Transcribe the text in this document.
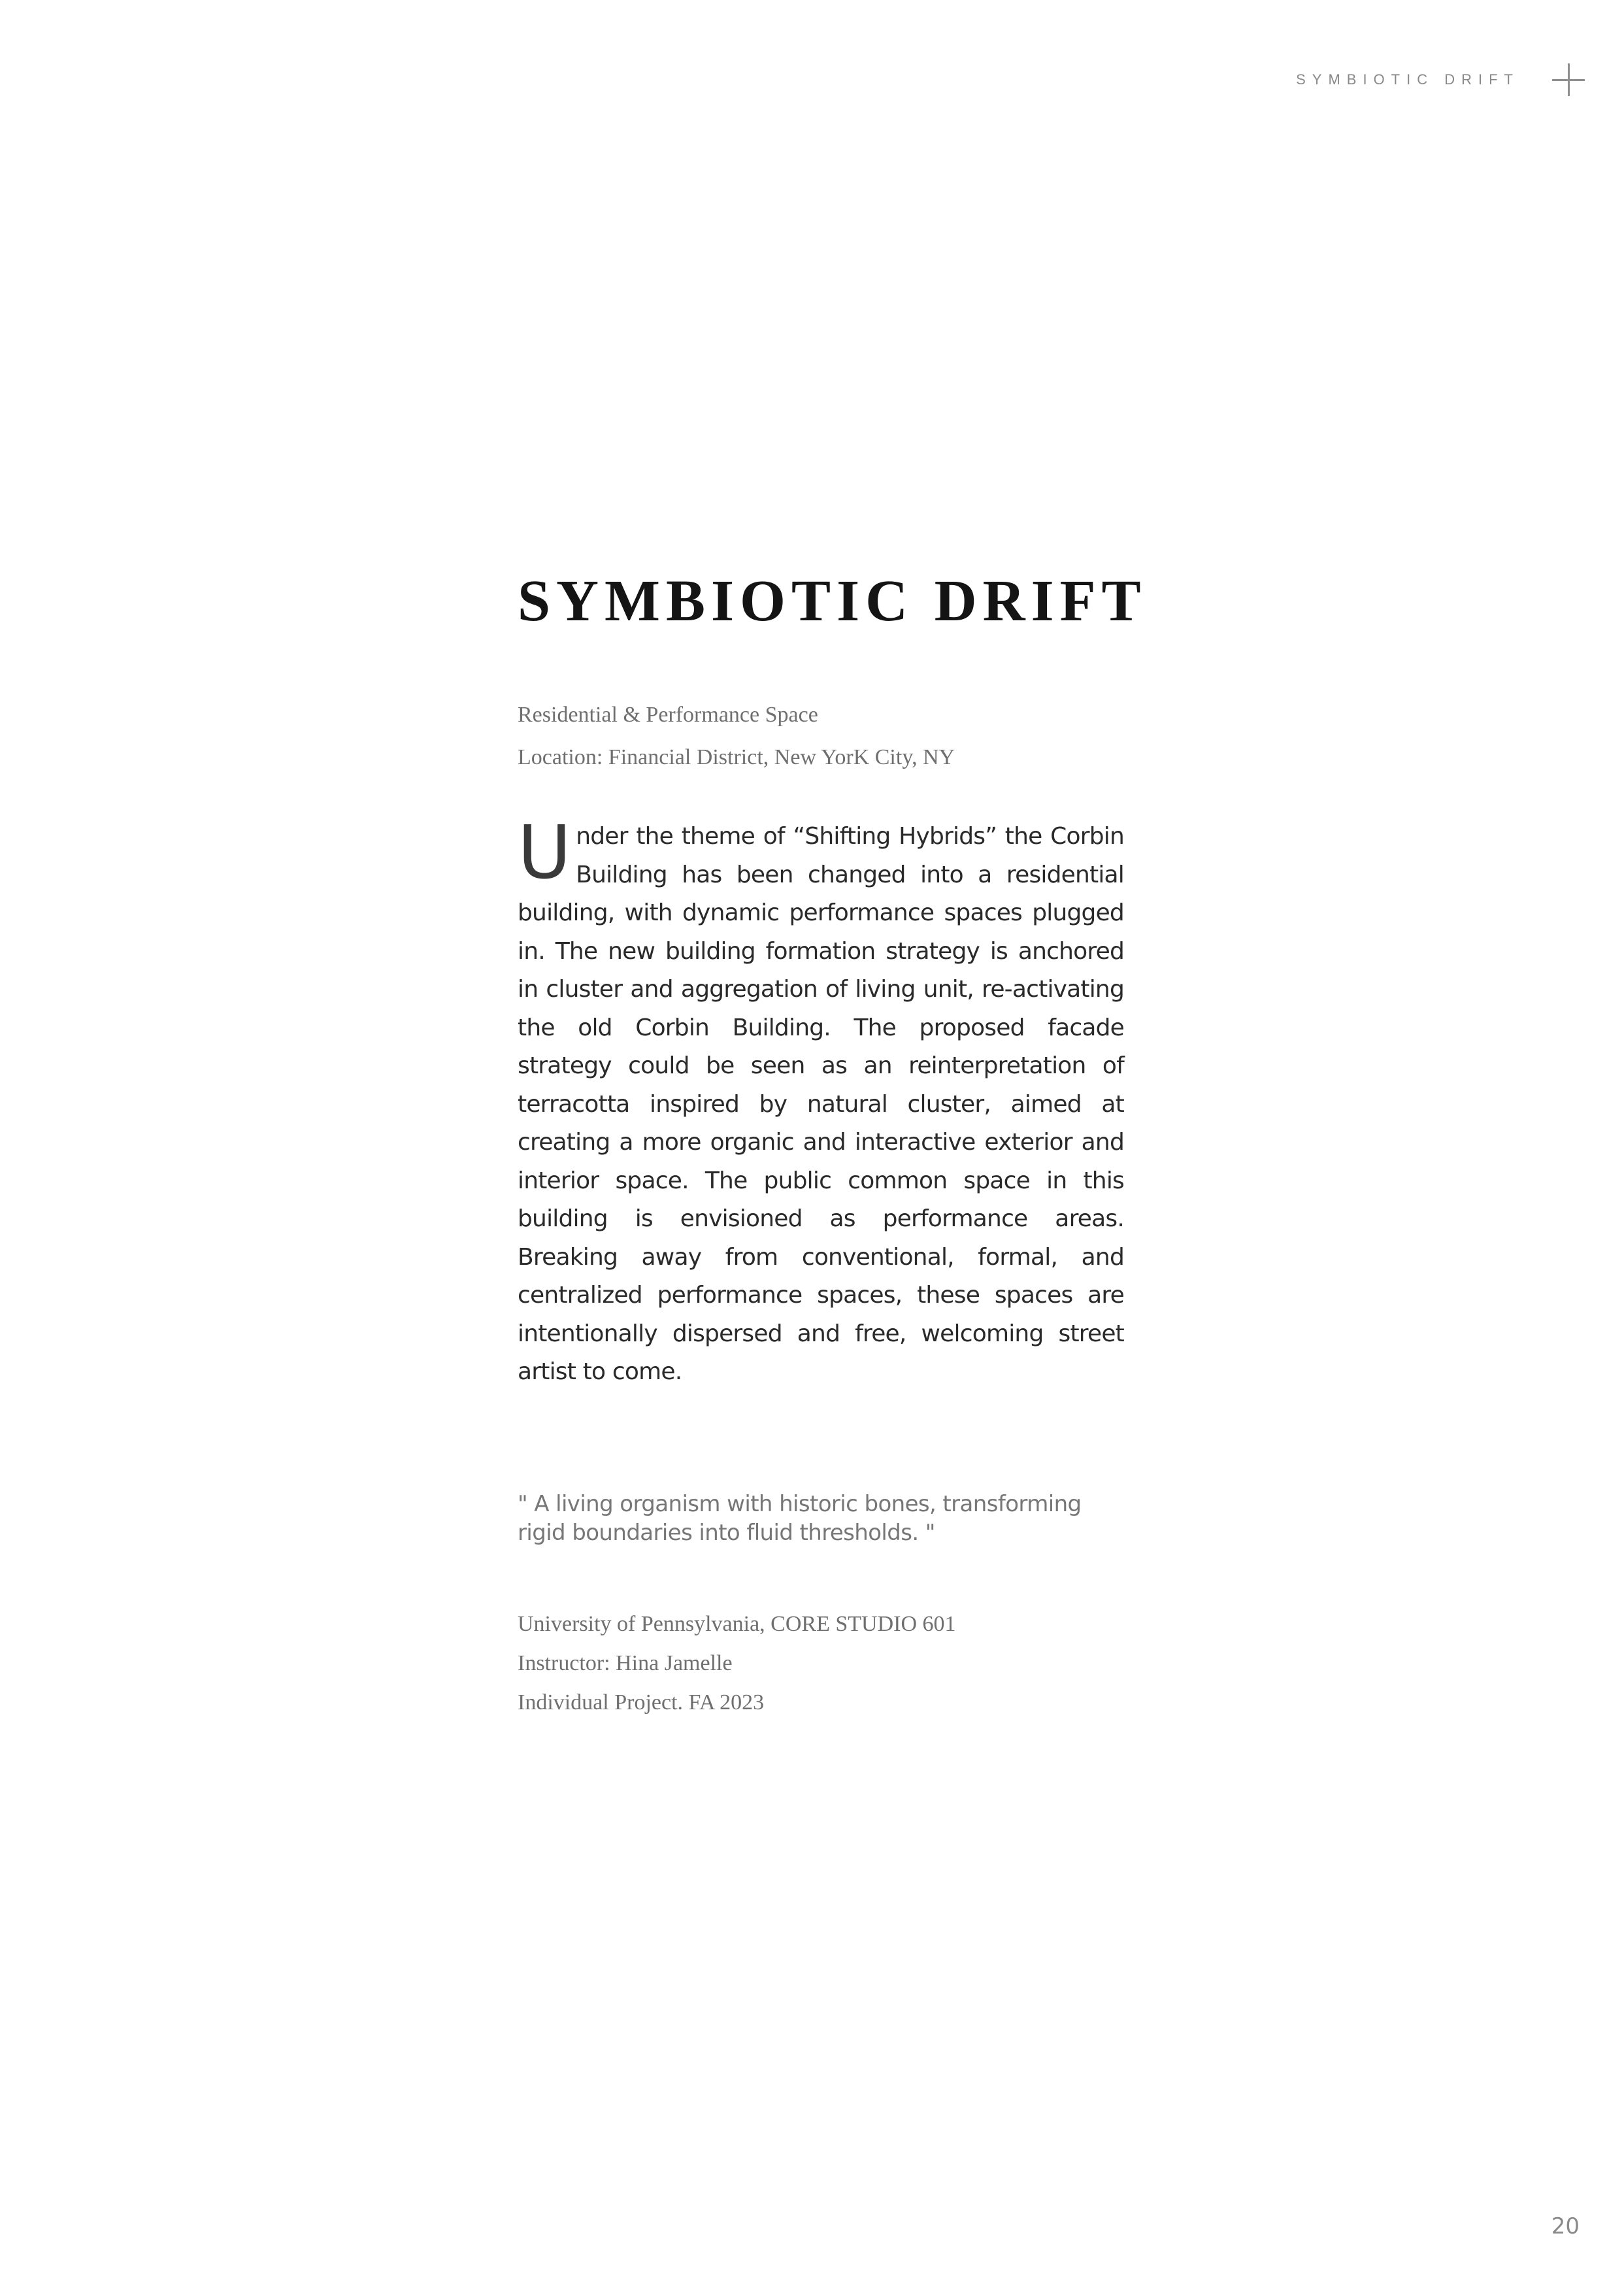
SYMBIOTIC DRIFT
SYMBIOTIC DRIFT
Residential & Performance Space
Location: Financial District, New YorK City, NY
Under the theme of “Shifting Hybrids” the Corbin Building has been changed into a residential building, with dynamic performance spaces plugged in. The new building formation strategy is anchored in cluster and aggregation of living unit, re-activating the old Corbin Building. The proposed facade strategy could be seen as an reinterpretation of terracotta inspired by natural cluster, aimed at creating a more organic and interactive exterior and interior space. The public common space in this building is envisioned as performance areas. Breaking away from conventional, formal, and centralized performance spaces, these spaces are intentionally dispersed and free, welcoming street artist to come.
" A living organism with historic bones, transforming rigid boundaries into fluid thresholds. "
University of Pennsylvania, CORE STUDIO 601
Instructor: Hina Jamelle
Individual Project. FA 2023
20
